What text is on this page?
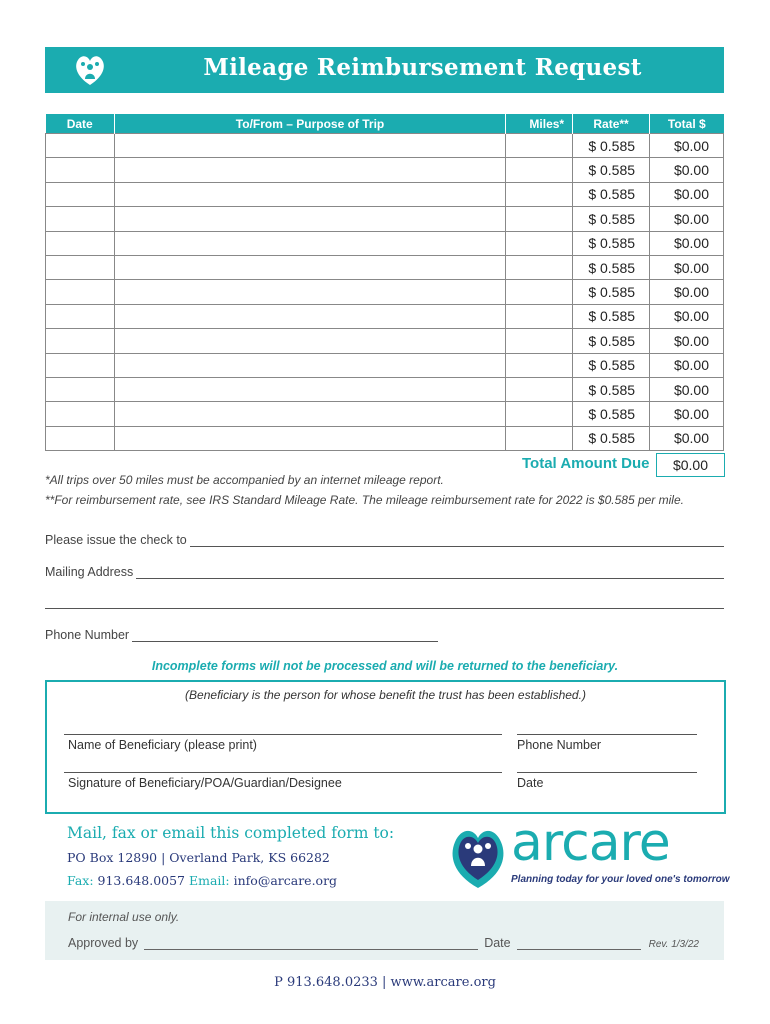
Mileage Reimbursement Request
Date	To/From – Purpose of Trip	Miles*	Rate**	Total $
			$ 0.585	$0.00
			$ 0.585	$0.00
			$ 0.585	$0.00
			$ 0.585	$0.00
			$ 0.585	$0.00
			$ 0.585	$0.00
			$ 0.585	$0.00
			$ 0.585	$0.00
			$ 0.585	$0.00
			$ 0.585	$0.00
			$ 0.585	$0.00
			$ 0.585	$0.00
			$ 0.585	$0.00
Total Amount Due	$0.00
*All trips over 50 miles must be accompanied by an internet mileage report.
**For reimbursement rate, see IRS Standard Mileage Rate. The mileage reimbursement rate for 2022 is $0.585 per mile.
Please issue the check to
Mailing Address
Phone Number
Incomplete forms will not be processed and will be returned to the beneficiary.
(Beneficiary is the person for whose benefit the trust has been established.)
Name of Beneficiary (please print)	Phone Number
Signature of Beneficiary/POA/Guardian/Designee	Date
Mail, fax or email this completed form to:
PO Box 12890 | Overland Park, KS 66282
Fax: 913.648.0057 Email: info@arcare.org
arcare
Planning today for your loved one's tomorrow
For internal use only.
Approved by	Date	Rev. 1/3/22
P 913.648.0233 | www.arcare.org
